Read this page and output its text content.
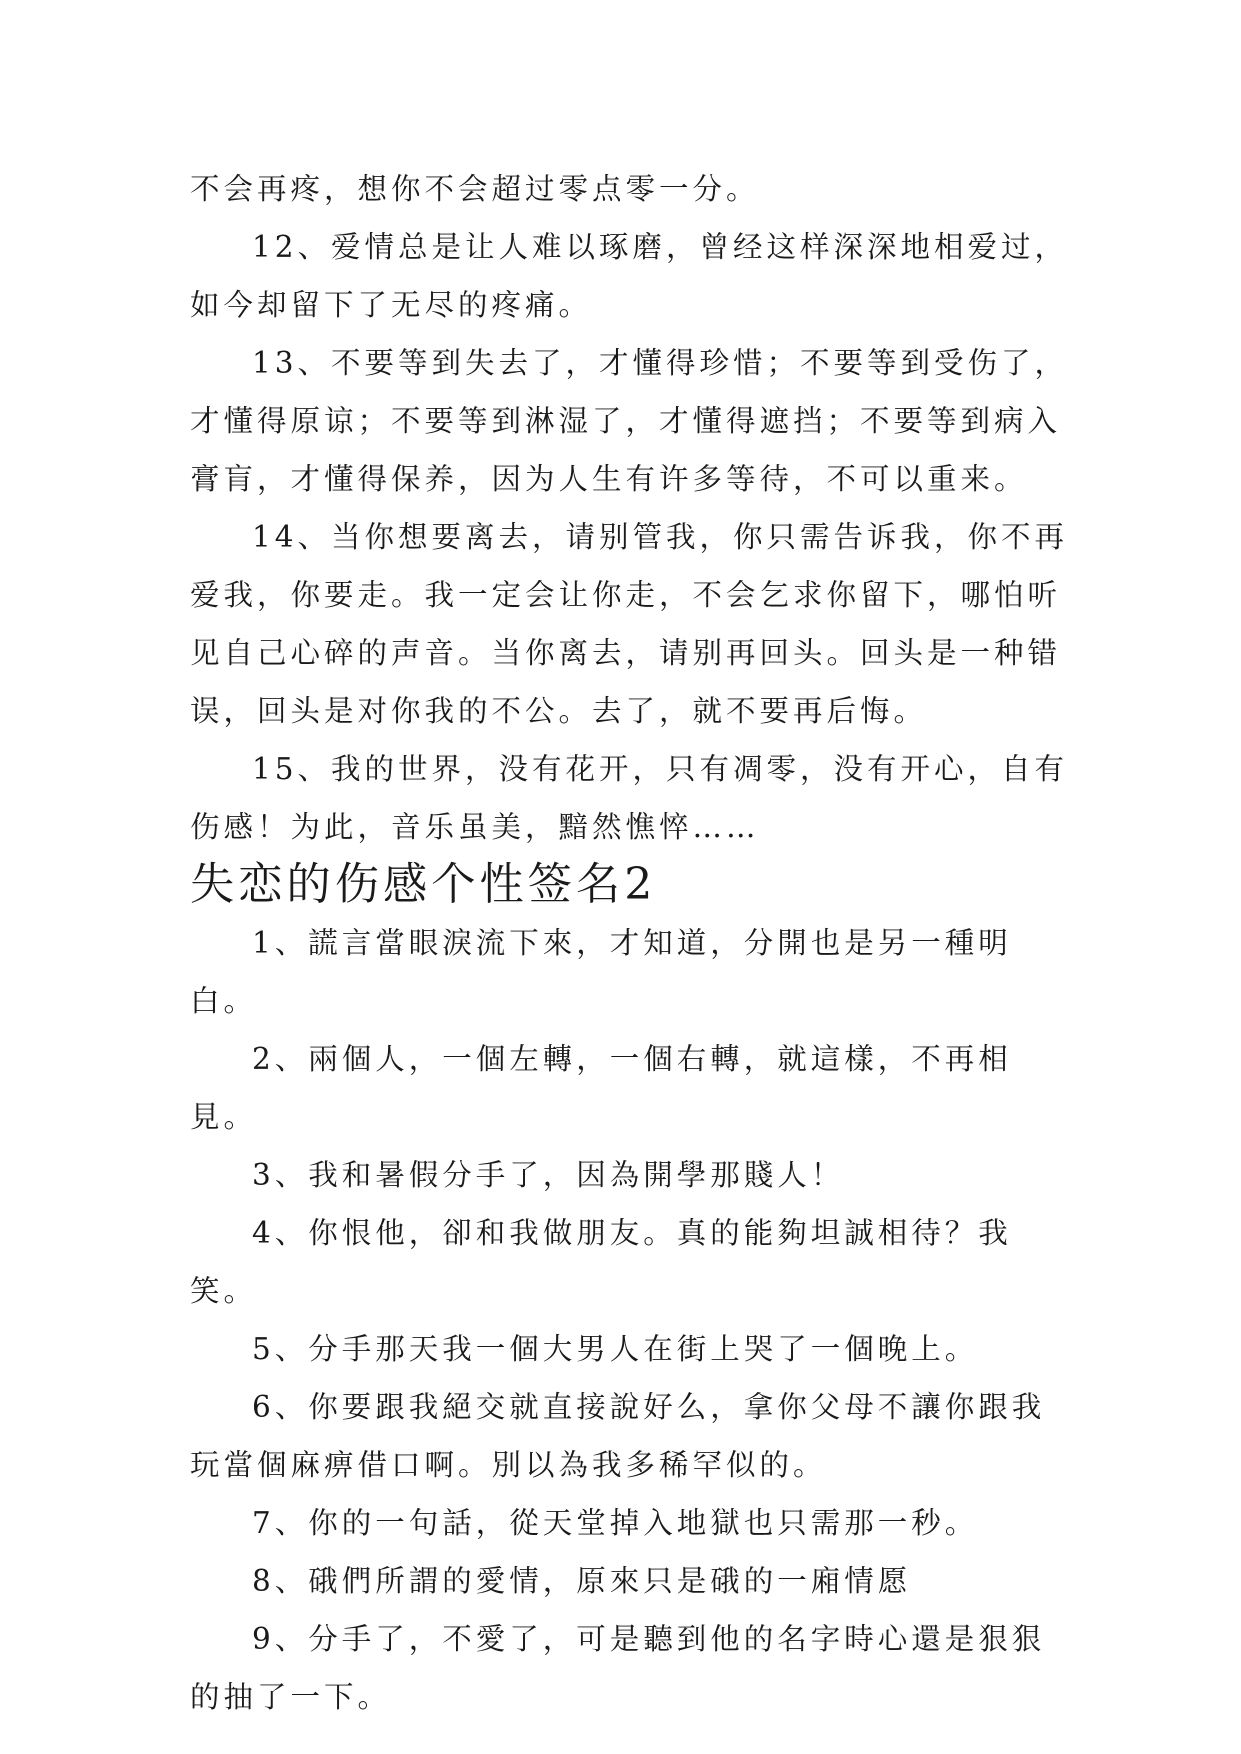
不会再疼，想你不会超过零点零一分。

12、爱情总是让人难以琢磨，曾经这样深深地相爱过，如今却留下了无尽的疼痛。

13、不要等到失去了，才懂得珍惜；不要等到受伤了，才懂得原谅；不要等到淋湿了，才懂得遮挡；不要等到病入膏肓，才懂得保养，因为人生有许多等待，不可以重来。

14、当你想要离去，请别管我，你只需告诉我，你不再爱我，你要走。我一定会让你走，不会乞求你留下，哪怕听见自己心碎的声音。当你离去，请别再回头。回头是一种错误，回头是对你我的不公。去了，就不要再后悔。

15、我的世界，没有花开，只有凋零，没有开心，自有伤感！为此，音乐虽美，黯然憔悴……

失恋的伤感个性签名2

1、謊言當眼淚流下來，才知道，分開也是另一種明白。

2、兩個人，一個左轉，一個右轉，就這樣，不再相見。

3、我和暑假分手了，因為開學那賤人！

4、你恨他，卻和我做朋友。真的能夠坦誠相待？我笑。

5、分手那天我一個大男人在街上哭了一個晚上。

6、你要跟我絕交就直接說好么，拿你父母不讓你跟我玩當個麻痹借口啊。別以為我多稀罕似的。

7、你的一句話，從天堂掉入地獄也只需那一秒。

8、硪們所謂的愛情，原來只是硪的一廂情愿

9、分手了，不愛了，可是聽到他的名字時心還是狠狠的抽了一下。
